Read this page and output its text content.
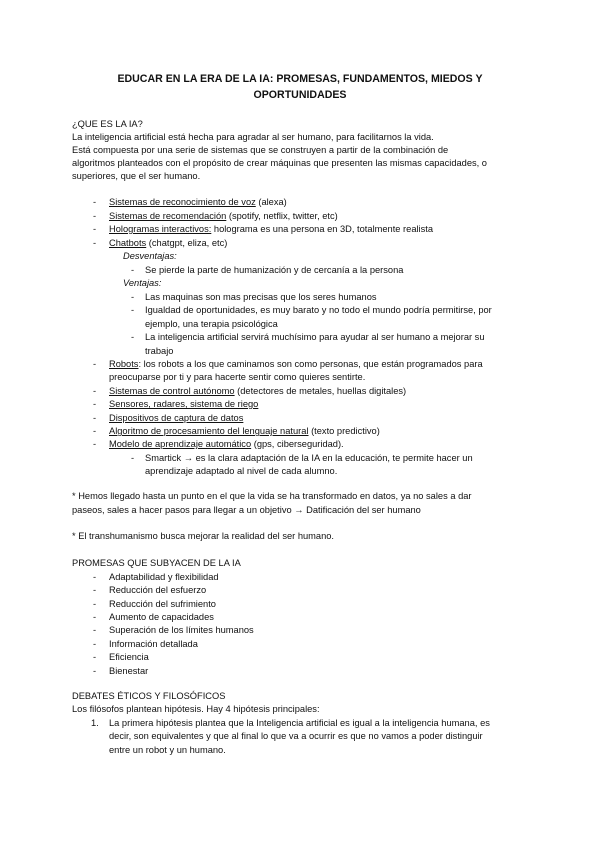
EDUCAR EN LA ERA DE LA IA: PROMESAS, FUNDAMENTOS, MIEDOS Y
OPORTUNIDADES
¿QUE ES LA IA?
La inteligencia artificial está hecha para agradar al ser humano, para facilitarnos la vida.
Está compuesta por una serie de sistemas que se construyen a partir de la combinación de
algoritmos planteados con el propósito de crear máquinas que presenten las mismas capacidades, o
superiores, que el ser humano.
- Sistemas de reconocimiento de voz (alexa)
- Sistemas de recomendación (spotify, netflix, twitter, etc)
- Hologramas interactivos: holograma es una persona en 3D, totalmente realista
- Chatbots (chatgpt, eliza, etc)
Desventajas:
- Se pierde la parte de humanización y de cercanía a la persona
Ventajas:
- Las maquinas son mas precisas que los seres humanos
- Igualdad de oportunidades, es muy barato y no todo el mundo podría permitirse, por
ejemplo, una terapia psicológica
- La inteligencia artificial servirá muchísimo para ayudar al ser humano a mejorar su
trabajo
- Robots: los robots a los que caminamos son como personas, que están programados para
preocuparse por ti y para hacerte sentir como quieres sentirte.
- Sistemas de control autónomo (detectores de metales, huellas digitales)
- Sensores, radares, sistema de riego
- Dispositivos de captura de datos
- Algoritmo de procesamiento del lenguaje natural (texto predictivo)
- Modelo de aprendizaje automático (gps, ciberseguridad).
- Smartick → es la clara adaptación de la IA en la educación, te permite hacer un
aprendizaje adaptado al nivel de cada alumno.
* Hemos llegado hasta un punto en el que la vida se ha transformado en datos, ya no sales a dar
paseos, sales a hacer pasos para llegar a un objetivo → Datificación del ser humano
* El transhumanismo busca mejorar la realidad del ser humano.
PROMESAS QUE SUBYACEN DE LA IA
- Adaptabilidad y flexibilidad
- Reducción del esfuerzo
- Reducción del sufrimiento
- Aumento de capacidades
- Superación de los límites humanos
- Información detallada
- Eficiencia
- Bienestar
DEBATES ÉTICOS Y FILOSÓFICOS
Los filósofos plantean hipótesis. Hay 4 hipótesis principales:
1. La primera hipótesis plantea que la Inteligencia artificial es igual a la inteligencia humana, es
decir, son equivalentes y que al final lo que va a ocurrir es que no vamos a poder distinguir
entre un robot y un humano.
